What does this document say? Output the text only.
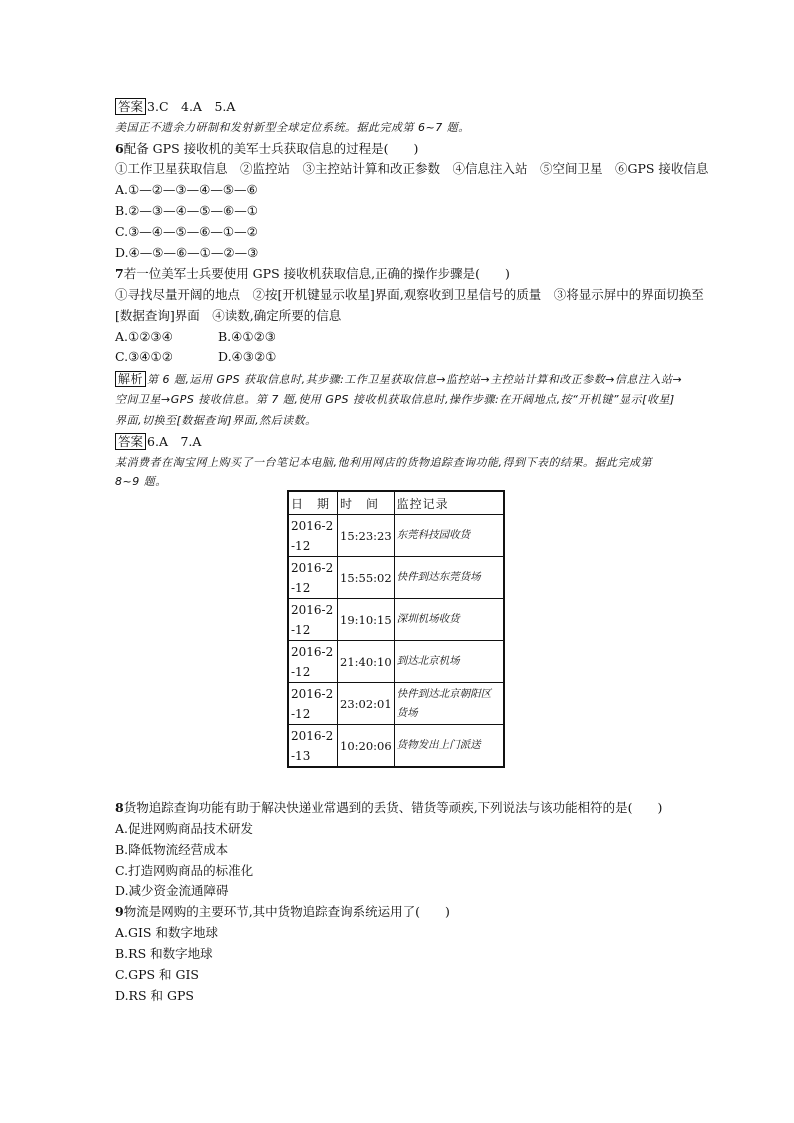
答案 3.C　4.A　5.A
美国正不遗余力研制和发射新型全球定位系统。据此完成第 6~7 题。
6配备 GPS 接收机的美军士兵获取信息的过程是(　　)
①工作卫星获取信息　②监控站　③主控站计算和改正参数　④信息注入站　⑤空间卫星　⑥GPS 接收信息
A.①—②—③—④—⑤—⑥
B.②—③—④—⑤—⑥—①
C.③—④—⑤—⑥—①—②
D.④—⑤—⑥—①—②—③
7若一位美军士兵要使用 GPS 接收机获取信息,正确的操作步骤是(　　)
①寻找尽量开阔的地点　②按[开机键显示收星]界面,观察收到卫星信号的质量　③将显示屏中的界面切换至
[数据查询]界面　④读数,确定所要的信息
A.①②③④	B.④①②③
C.③④①②	D.④③②①
解析 第 6 题,运用 GPS 获取信息时,其步骤:工作卫星获取信息→监控站→主控站计算和改正参数→信息注入站→
空间卫星→GPS 接收信息。第 7 题,使用 GPS 接收机获取信息时,操作步骤:在开阔地点,按“开机键”显示[收星]
界面,切换至[数据查询]界面,然后读数。
答案 6.A　7.A
某消费者在淘宝网上购买了一台笔记本电脑,他利用网店的货物追踪查询功能,得到下表的结果。据此完成第
8~9 题。
日　期	时　间	监控记录
2016-2-12	15:23:23	东莞科技园收货
2016-2-12	15:55:02	快件到达东莞货场
2016-2-12	19:10:15	深圳机场收货
2016-2-12	21:40:10	到达北京机场
2016-2-12	23:02:01	快件到达北京朝阳区货场
2016-2-13	10:20:06	货物发出上门派送
8货物追踪查询功能有助于解决快递业常遇到的丢货、错货等顽疾,下列说法与该功能相符的是(　　)
A.促进网购商品技术研发
B.降低物流经营成本
C.打造网购商品的标准化
D.减少资金流通障碍
9物流是网购的主要环节,其中货物追踪查询系统运用了(　　)
A.GIS 和数字地球
B.RS 和数字地球
C.GPS 和 GIS
D.RS 和 GPS
